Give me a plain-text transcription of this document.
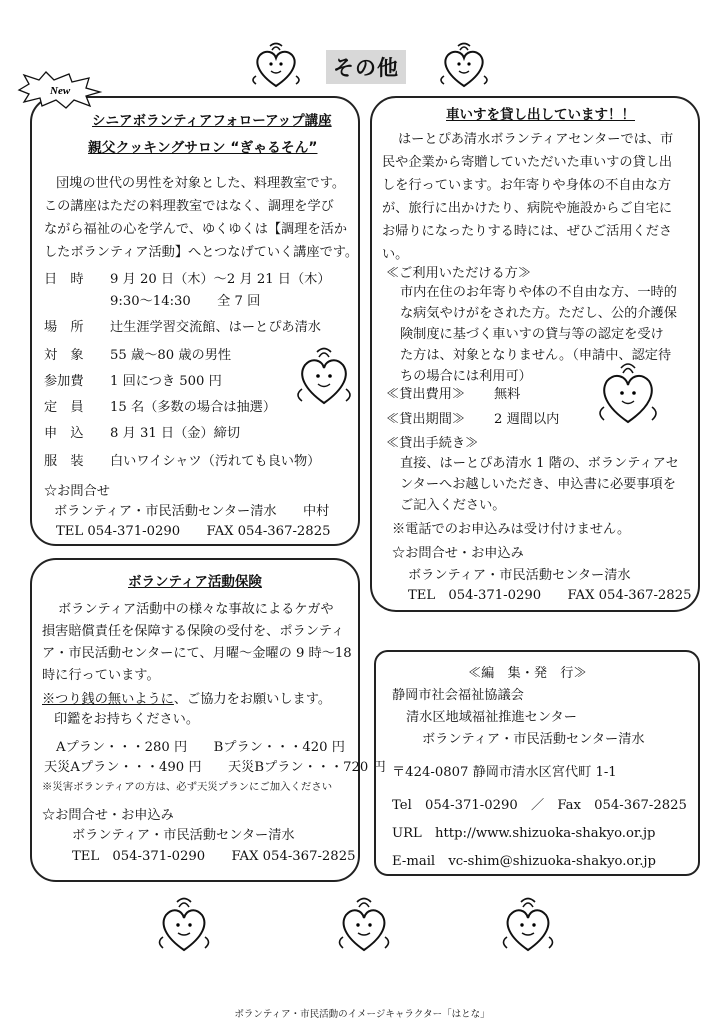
その他
New
シニアボランティアフォローアップ講座
親父クッキングサロン “ぎゃるそん”
団塊の世代の男性を対象とした、料理教室です。
この講座はただの料理教室ではなく、調理を学び
ながら福祉の心を学んで、ゆくゆくは【調理を活か
したボランティア活動】へとつなげていく講座です。
日　時 9 月 20 日（木）～2 月 21 日（木）
9:30～14:30　　全 7 回
場　所 辻生涯学習交流館、はーとぴあ清水
対　象 55 歳～80 歳の男性
参加費 1 回につき 500 円
定　員 15 名（多数の場合は抽選）
申　込 8 月 31 日（金）締切
服　装 白いワイシャツ（汚れても良い物）
☆お問合せ
ボランティア・市民活動センター清水　　中村
TEL 054-371-0290　　FAX 054-367-2825
ボランティア活動保険
ボランティア活動中の様々な事故によるケガや
損害賠償責任を保障する保険の受付を、ポランティ
ア・市民活動センターにて、月曜～金曜の 9 時～18
時に行っています。
※つり銭の無いように、ご協力をお願いします。
印鑑をお持ちください。
Aプラン・・・280 円　　Bプラン・・・420 円
天災Aプラン・・・490 円　　天災Bプラン・・・720 円
※災害ボランティアの方は、必ず天災プランにご加入ください
☆お問合せ・お申込み
ボランティア・市民活動センター清水
TEL　054-371-0290　　FAX 054-367-2825
車いすを貸し出しています！！
はーとぴあ清水ボランティアセンターでは、市
民や企業から寄贈していただいた車いすの貸し出
しを行っています。お年寄りや身体の不自由な方
が、旅行に出かけたり、病院や施設からご自宅に
お帰りになったりする時には、ぜひご活用くださ
い。
≪ご利用いただける方≫
市内在住のお年寄りや体の不自由な方、一時的
な病気やけがをされた方。ただし、公的介護保
険制度に基づく車いすの貸与等の認定を受け
た方は、対象となりません。（申請中、認定待
ちの場合には利用可）
≪貸出費用≫ 無料
≪貸出期間≫ 2 週間以内
≪貸出手続き≫
直接、はーとぴあ清水 1 階の、ボランティアセ
ンターへお越しいただき、申込書に必要事項を
ご記入ください。
※電話でのお申込みは受け付けません。
☆お問合せ・お申込み
ボランティア・市民活動センター清水
TEL　054-371-0290　　FAX 054-367-2825
≪編　集・発　行≫
静岡市社会福祉協議会
清水区地域福祉推進センター
ボランティア・市民活動センター清水
〒424-0807 静岡市清水区宮代町 1-1
Tel　054-371-0290　／　Fax　054-367-2825
URL　http://www.shizuoka-shakyo.or.jp
E-mail　vc-shim@shizuoka-shakyo.or.jp
ボランティア・市民活動のイメージキャラクター「はとな」
